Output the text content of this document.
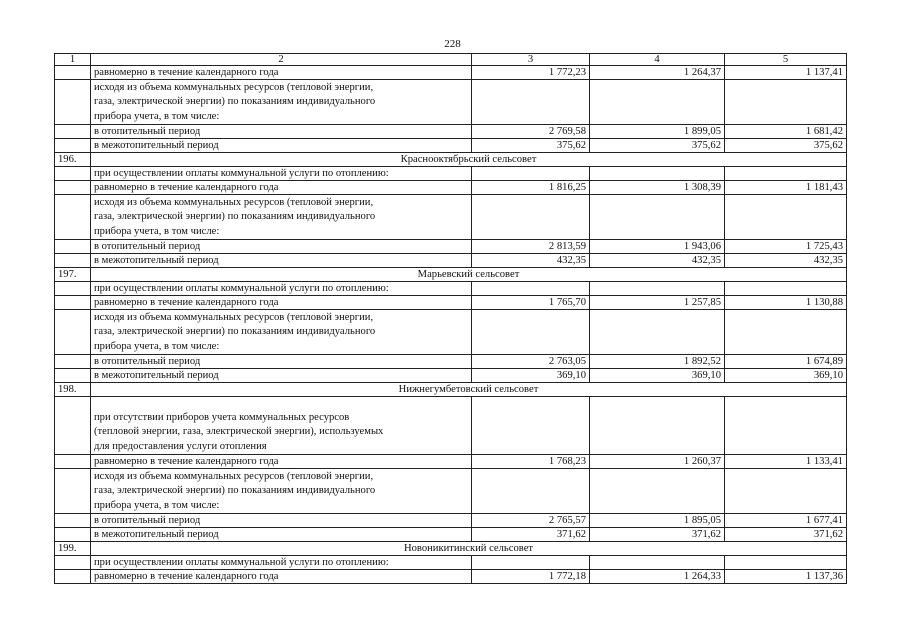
228
1	2	3	4	5
	равномерно в течение календарного года	1 772,23	1 264,37	1 137,41

	исходя из объема коммунальных ресурсов (тепловой энергии,
газа, электрической энергии) по показаниям индивидуального
прибора учета, в том числе:			

	в отопительный период	2 769,58	1 899,05	1 681,42
	в межотопительный период	375,62	375,62	375,62
196.	Краснооктябрьский сельсовет			
	при осуществлении оплаты коммунальной услуги по отоплению:			
	равномерно в течение календарного года	1 816,25	1 308,39	1 181,43

	исходя из объема коммунальных ресурсов (тепловой энергии,
газа, электрической энергии) по показаниям индивидуального
прибора учета, в том числе:			

	в отопительный период	2 813,59	1 943,06	1 725,43
	в межотопительный период	432,35	432,35	432,35
197.	Марьевский сельсовет			
	при осуществлении оплаты коммунальной услуги по отоплению:			
	равномерно в течение календарного года	1 765,70	1 257,85	1 130,88

	исходя из объема коммунальных ресурсов (тепловой энергии,
газа, электрической энергии) по показаниям индивидуального
прибора учета, в том числе:			

	в отопительный период	2 763,05	1 892,52	1 674,89
	в межотопительный период	369,10	369,10	369,10
198.	Нижнегумбетовский сельсовет			

	при отсутствии приборов учета коммунальных ресурсов
(тепловой энергии, газа, электрической энергии), используемых
для предоставления услуги отопления			

	равномерно в течение календарного года	1 768,23	1 260,37	1 133,41

	исходя из объема коммунальных ресурсов (тепловой энергии,
газа, электрической энергии) по показаниям индивидуального
прибора учета, в том числе:			

	в отопительный период	2 765,57	1 895,05	1 677,41
	в межотопительный период	371,62	371,62	371,62
199.	Новоникитинский сельсовет			
	при осуществлении оплаты коммунальной услуги по отоплению:			
	равномерно в течение календарного года	1 772,18	1 264,33	1 137,36
